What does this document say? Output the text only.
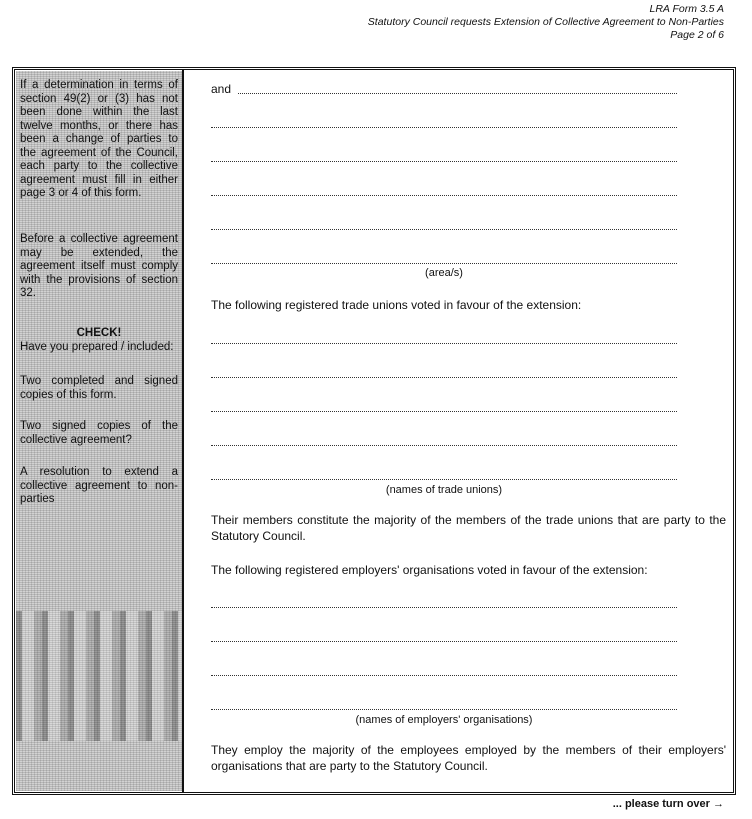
LRA Form 3.5 A
Statutory Council requests Extension of Collective Agreement to Non-Parties
Page 2 of 6
If a determination in terms of section 49(2) or (3) has not been done within the last twelve months, or there has been a change of parties to the agreement of the Council, each party to the collective agreement must fill in either page 3 or 4 of this form.
Before a collective agreement may be extended, the agreement itself must comply with the provisions of section 32.
CHECK!
Have you prepared / included:
Two completed and signed copies of this form.
Two signed copies of the collective agreement?
A resolution to extend a collective agreement to non-parties
and
(area/s)
The following registered trade unions voted in favour of the extension:
(names of trade unions)
Their members constitute the majority of the members of the trade unions that are party to the Statutory Council.
The following registered employers' organisations voted in favour of the extension:
(names of employers' organisations)
They employ the majority of the employees employed by the members of their employers' organisations that are party to the Statutory Council.
... please turn over →
